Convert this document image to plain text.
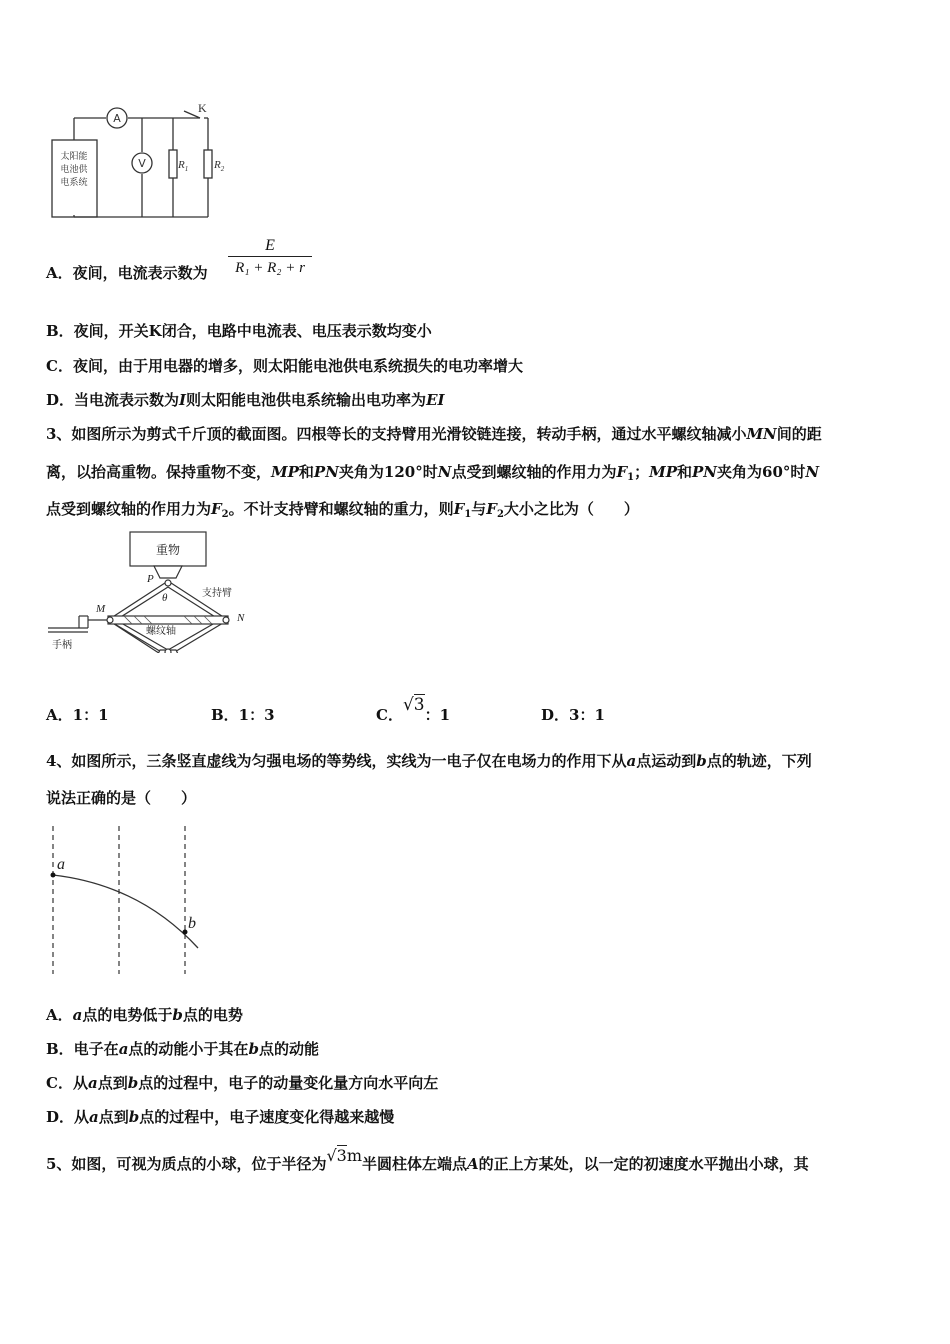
太阳能
电池供
电系统
A
V
K
$R_1$ $R_2$
A．夜间，电流表示数为
E
R₁ + R₂ + r
B．夜间，开关K闭合，电路中电流表、电压表示数均变小
C．夜间，由于用电器的增多，则太阳能电池供电系统损失的电功率增大
D．当电流表示数为I则太阳能电池供电系统输出电功率为EI
3、如图所示为剪式千斤顶的截面图。四根等长的支持臂用光滑铰链连接，转动手柄，通过水平螺纹轴减小MN间的距
离，以抬高重物。保持重物不变，MP和PN夹角为120°时N点受到螺纹轴的作用力为$F_1$；MP和PN夹角为60°时N
点受到螺纹轴的作用力为$F_2$。不计支持臂和螺纹轴的重力，则$F_1$与$F_2$大小之比为（　　）
重物
支持臂
螺纹轴
手柄
P
M
N
θ
A．1：1	B．1：3	C．√3：1	D．3：1
4、如图所示，三条竖直虚线为匀强电场的等势线，实线为一电子仅在电场力的作用下从a点运动到b点的轨迹，下列
说法正确的是（　　）
a
b
A．a点的电势低于b点的电势
B．电子在a点的动能小于其在b点的动能
C．从a点到b点的过程中，电子的动量变化量方向水平向左
D．从a点到b点的过程中，电子速度变化得越来越慢
5、如图，可视为质点的小球，位于半径为√3m半圆柱体左端点A的正上方某处，以一定的初速度水平抛出小球，其
